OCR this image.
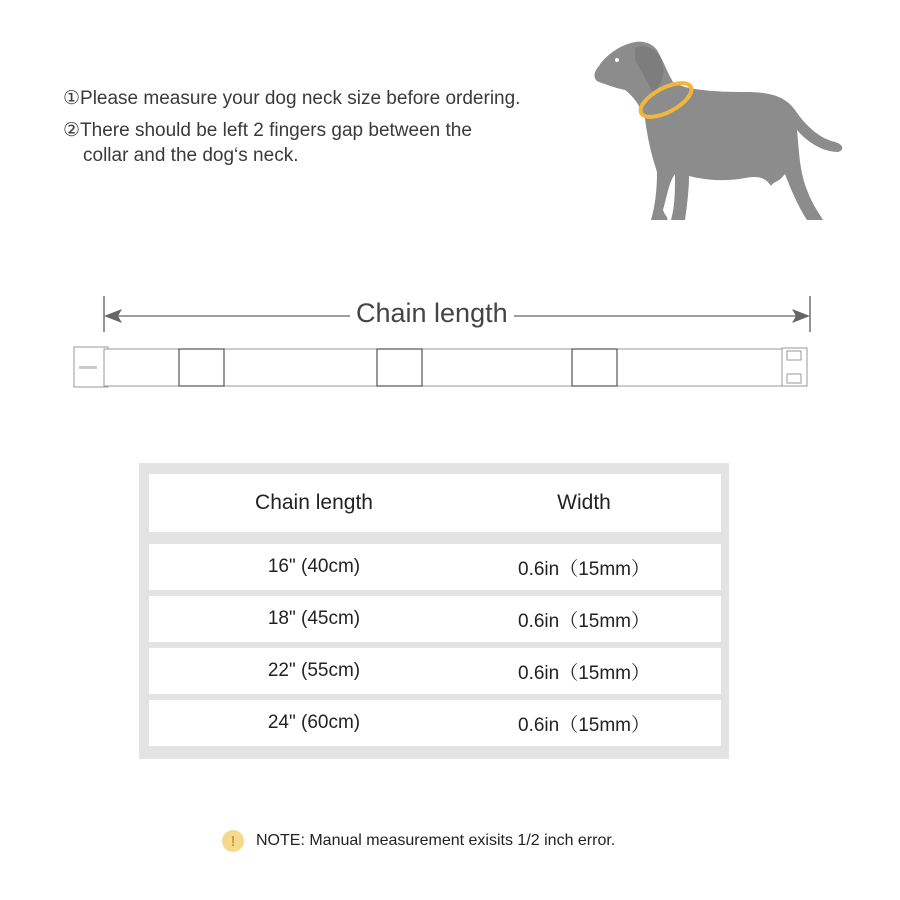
①Please measure your dog neck size before ordering.
②There should be left 2 fingers gap between the
collar and the dog‘s neck.
Chain length
Chain length	Width
16" (40cm)	0.6in（15mm）
18" (45cm)	0.6in（15mm）
22" (55cm)	0.6in（15mm）
24" (60cm)	0.6in（15mm）
!	NOTE: Manual measurement exisits 1/2 inch error.
